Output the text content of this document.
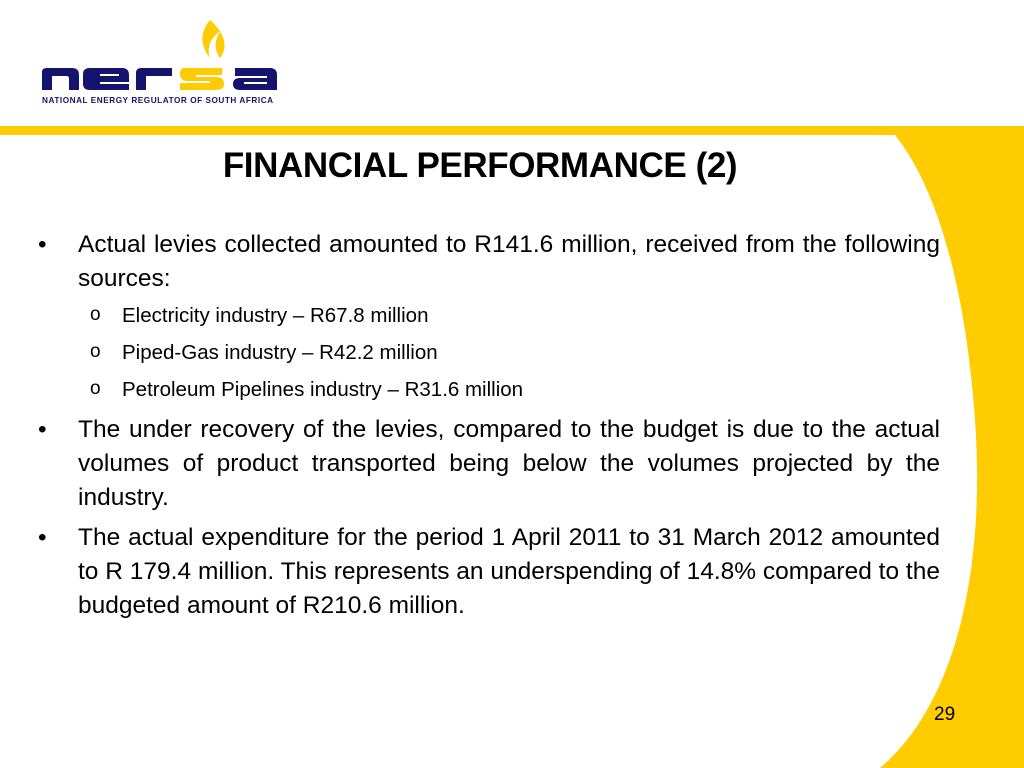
NATIONAL ENERGY REGULATOR OF SOUTH AFRICA
FINANCIAL PERFORMANCE (2)
• Actual levies collected amounted to R141.6 million, received from the following sources:
o Electricity industry – R67.8 million
o Piped-Gas industry – R42.2 million
o Petroleum Pipelines industry – R31.6 million
• The under recovery of the levies, compared to the budget is due to the actual volumes of product transported being below the volumes projected by the industry.
• The actual expenditure for the period 1 April 2011 to 31 March 2012 amounted to R 179.4 million. This represents an underspending of 14.8% compared to the budgeted amount of R210.6 million.
29
